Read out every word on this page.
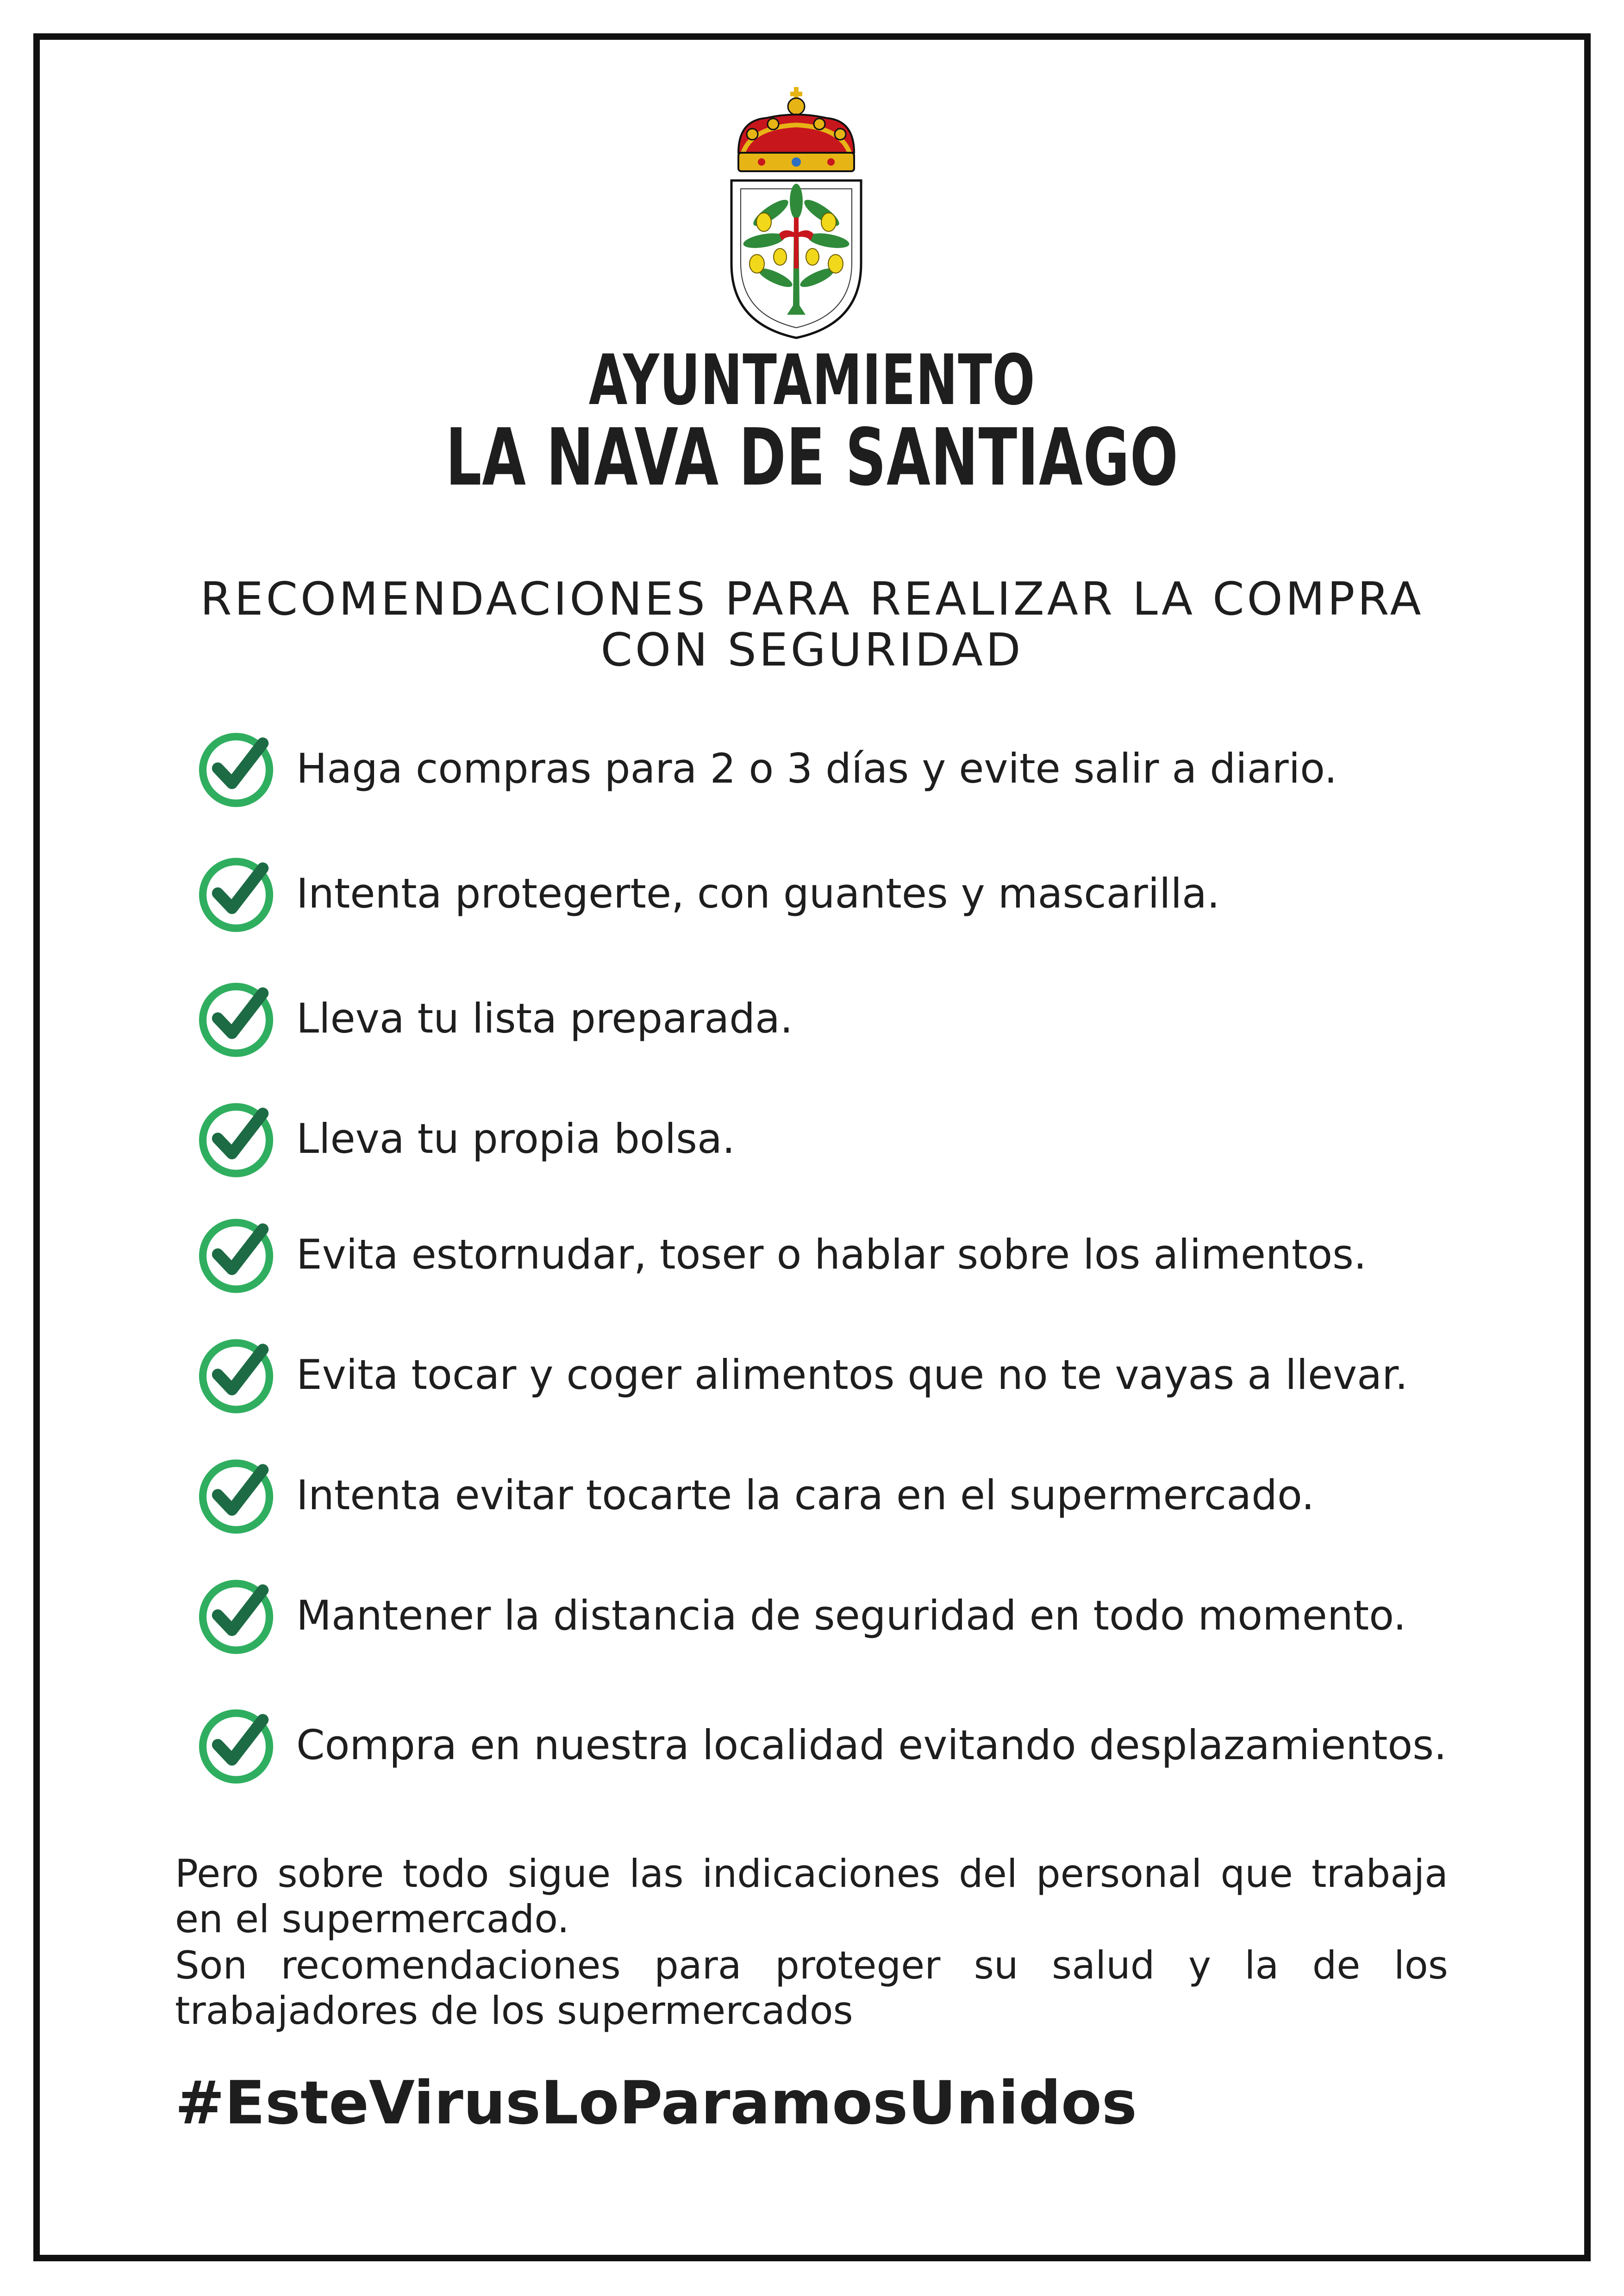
AYUNTAMIENTO
LA NAVA DE SANTIAGO
RECOMENDACIONES PARA REALIZAR LA COMPRA
CON SEGURIDAD
Haga compras para 2 o 3 días y evite salir a diario.
Intenta protegerte, con guantes y mascarilla.
Lleva tu lista preparada.
Lleva tu propia bolsa.
Evita estornudar, toser o hablar sobre los alimentos.
Evita tocar y coger alimentos que no te vayas a llevar.
Intenta evitar tocarte la cara en el supermercado.
Mantener la distancia de seguridad en todo momento.
Compra en nuestra localidad evitando desplazamientos.
Pero sobre todo sigue las indicaciones del personal que trabaja en el supermercado.
Son recomendaciones para proteger su salud y la de los trabajadores de los supermercados
#EsteVirusLoParamosUnidos
